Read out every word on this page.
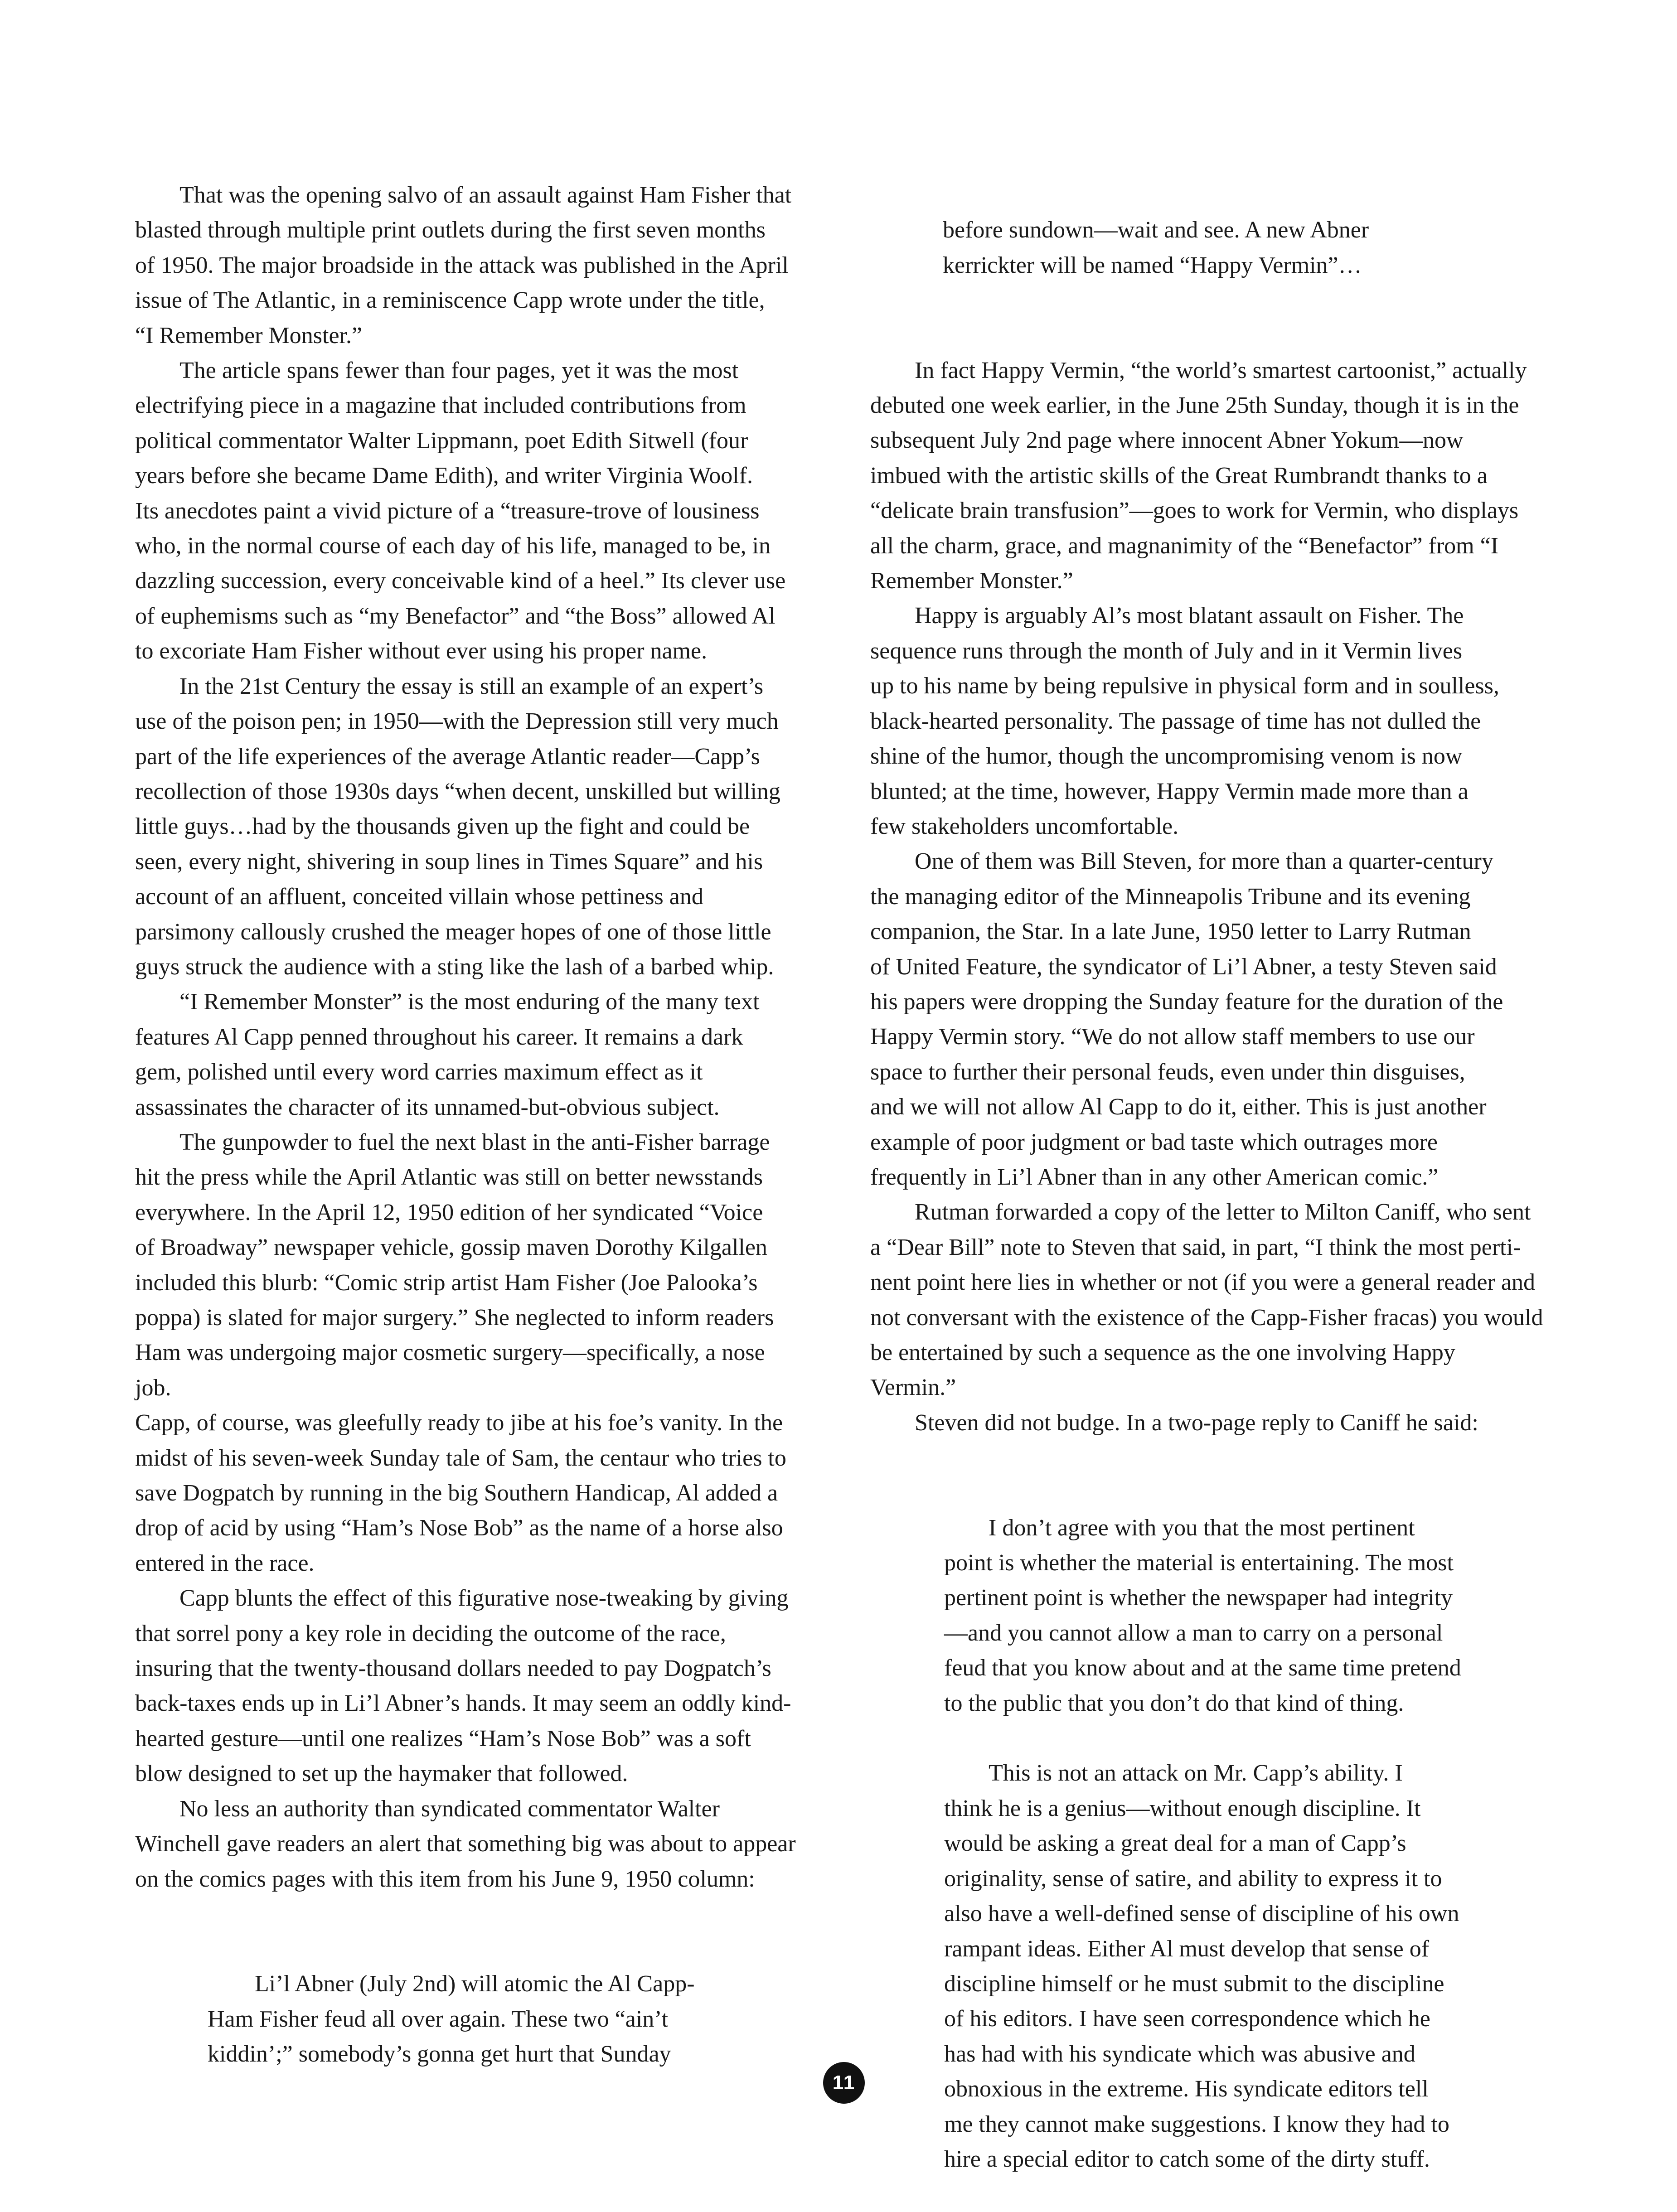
That was the opening salvo of an assault against Ham Fisher that
blasted through multiple print outlets during the first seven months
of 1950. The major broadside in the attack was published in the April
issue of The Atlantic, in a reminiscence Capp wrote under the title,
“I Remember Monster.”

The article spans fewer than four pages, yet it was the most
electrifying piece in a magazine that included contributions from
political commentator Walter Lippmann, poet Edith Sitwell (four
years before she became Dame Edith), and writer Virginia Woolf.
Its anecdotes paint a vivid picture of a “treasure-trove of lousiness
who, in the normal course of each day of his life, managed to be, in
dazzling succession, every conceivable kind of a heel.” Its clever use
of euphemisms such as “my Benefactor” and “the Boss” allowed Al
to excoriate Ham Fisher without ever using his proper name.

In the 21st Century the essay is still an example of an expert’s
use of the poison pen; in 1950—with the Depression still very much
part of the life experiences of the average Atlantic reader—Capp’s
recollection of those 1930s days “when decent, unskilled but willing
little guys…had by the thousands given up the fight and could be
seen, every night, shivering in soup lines in Times Square” and his
account of an affluent, conceited villain whose pettiness and
parsimony callously crushed the meager hopes of one of those little
guys struck the audience with a sting like the lash of a barbed whip.

“I Remember Monster” is the most enduring of the many text
features Al Capp penned throughout his career. It remains a dark
gem, polished until every word carries maximum effect as it
assassinates the character of its unnamed-but-obvious subject.

The gunpowder to fuel the next blast in the anti-Fisher barrage
hit the press while the April Atlantic was still on better newsstands
everywhere. In the April 12, 1950 edition of her syndicated “Voice
of Broadway” newspaper vehicle, gossip maven Dorothy Kilgallen
included this blurb: “Comic strip artist Ham Fisher (Joe Palooka’s
poppa) is slated for major surgery.” She neglected to inform readers
Ham was undergoing major cosmetic surgery—specifically, a nose job.
Capp, of course, was gleefully ready to jibe at his foe’s vanity. In the
midst of his seven-week Sunday tale of Sam, the centaur who tries to
save Dogpatch by running in the big Southern Handicap, Al added a
drop of acid by using “Ham’s Nose Bob” as the name of a horse also
entered in the race.

Capp blunts the effect of this figurative nose-tweaking by giving
that sorrel pony a key role in deciding the outcome of the race,
insuring that the twenty-thousand dollars needed to pay Dogpatch’s
back-taxes ends up in Li’l Abner’s hands. It may seem an oddly kind-
hearted gesture—until one realizes “Ham’s Nose Bob” was a soft
blow designed to set up the haymaker that followed.

No less an authority than syndicated commentator Walter
Winchell gave readers an alert that something big was about to appear
on the comics pages with this item from his June 9, 1950 column:

  Li’l Abner (July 2nd) will atomic the Al Capp-
Ham Fisher feud all over again. These two “ain’t
kiddin’;” somebody’s gonna get hurt that Sunday

before sundown—wait and see. A new Abner
kerrickter will be named “Happy Vermin”…

In fact Happy Vermin, “the world’s smartest cartoonist,” actually
debuted one week earlier, in the June 25th Sunday, though it is in the
subsequent July 2nd page where innocent Abner Yokum—now
imbued with the artistic skills of the Great Rumbrandt thanks to a
“delicate brain transfusion”—goes to work for Vermin, who displays
all the charm, grace, and magnanimity of the “Benefactor” from “I
Remember Monster.”

Happy is arguably Al’s most blatant assault on Fisher. The
sequence runs through the month of July and in it Vermin lives
up to his name by being repulsive in physical form and in soulless,
black-hearted personality. The passage of time has not dulled the
shine of the humor, though the uncompromising venom is now
blunted; at the time, however, Happy Vermin made more than a
few stakeholders uncomfortable.

One of them was Bill Steven, for more than a quarter-century
the managing editor of the Minneapolis Tribune and its evening
companion, the Star. In a late June, 1950 letter to Larry Rutman
of United Feature, the syndicator of Li’l Abner, a testy Steven said
his papers were dropping the Sunday feature for the duration of the
Happy Vermin story. “We do not allow staff members to use our
space to further their personal feuds, even under thin disguises,
and we will not allow Al Capp to do it, either. This is just another
example of poor judgment or bad taste which outrages more
frequently in Li’l Abner than in any other American comic.”

Rutman forwarded a copy of the letter to Milton Caniff, who sent
a “Dear Bill” note to Steven that said, in part, “I think the most perti-
nent point here lies in whether or not (if you were a general reader and
not conversant with the existence of the Capp-Fisher fracas) you would
be entertained by such a sequence as the one involving Happy Vermin.”

Steven did not budge. In a two-page reply to Caniff he said:

I don’t agree with you that the most pertinent
point is whether the material is entertaining. The most
pertinent point is whether the newspaper had integrity
—and you cannot allow a man to carry on a personal
feud that you know about and at the same time pretend
to the public that you don’t do that kind of thing.

This is not an attack on Mr. Capp’s ability. I
think he is a genius—without enough discipline. It
would be asking a great deal for a man of Capp’s
originality, sense of satire, and ability to express it to
also have a well-defined sense of discipline of his own
rampant ideas. Either Al must develop that sense of
discipline himself or he must submit to the discipline
of his editors. I have seen correspondence which he
has had with his syndicate which was abusive and
obnoxious in the extreme. His syndicate editors tell
me they cannot make suggestions. I know they had to
hire a special editor to catch some of the dirty stuff.

11
